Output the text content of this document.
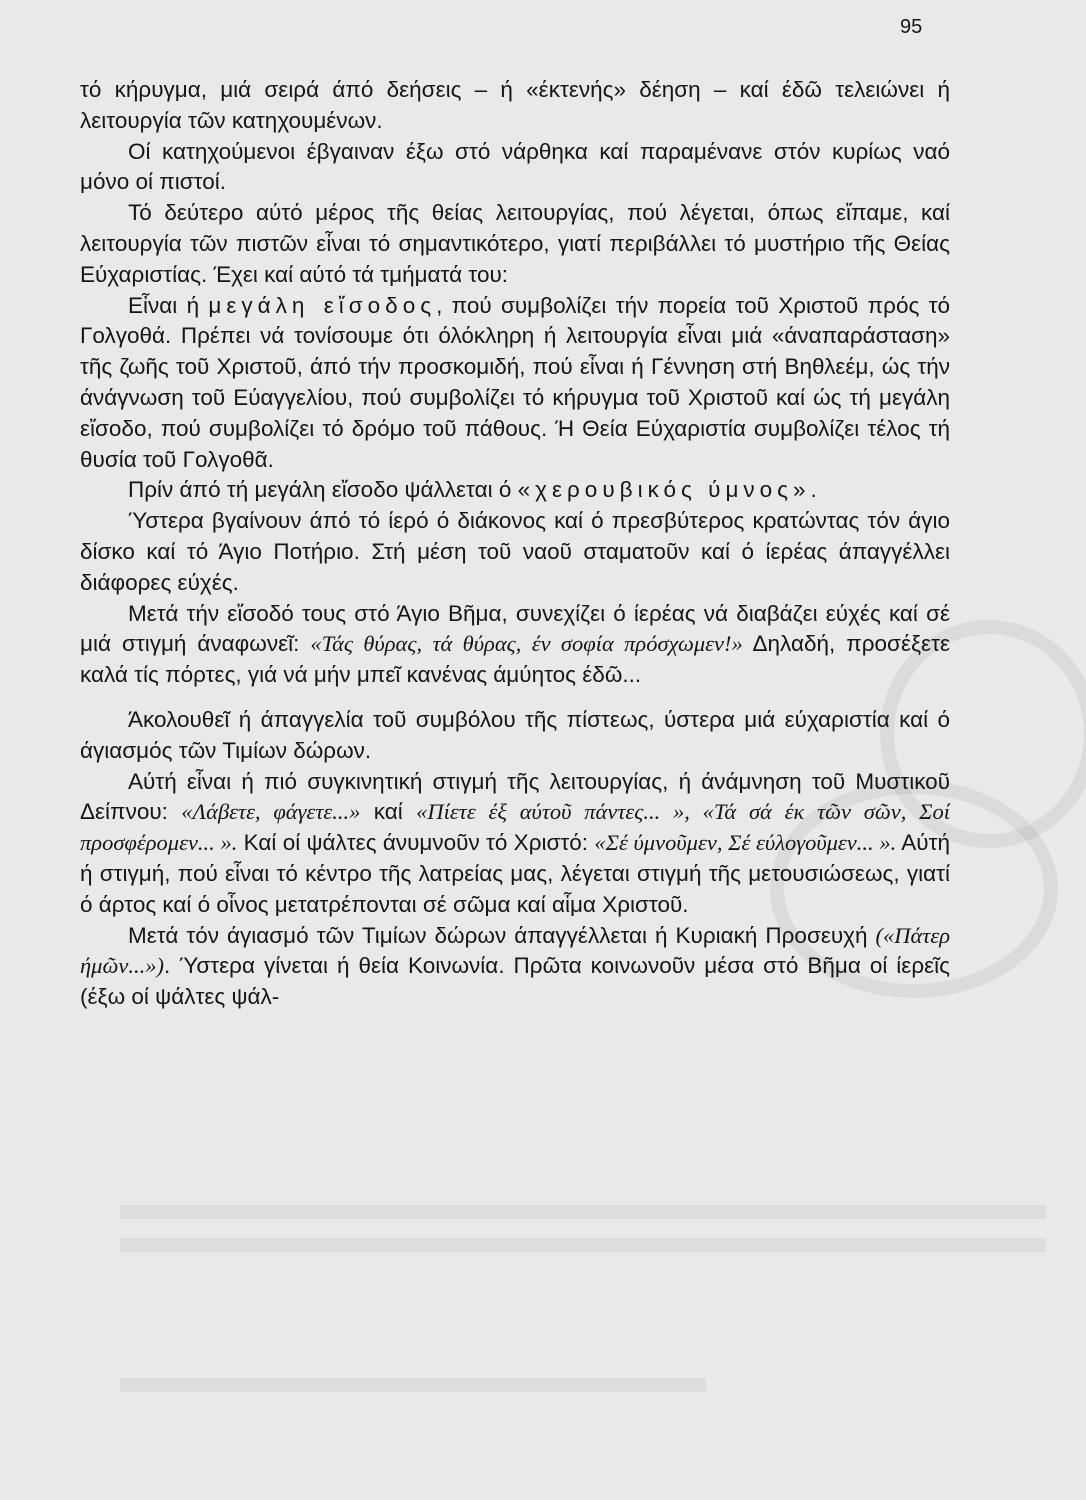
95

τό κήρυγμα, μιά σειρά άπό δεήσεις – ή «έκτενής» δέηση – καί έδῶ τελειώνει ή λειτουργία τῶν κατηχουμένων.

Οί κατηχούμενοι έβγαιναν έξω στό νάρθηκα καί παραμένανε στόν κυρίως ναό μόνο οί πιστοί.

Τό δεύτερο αύτό μέρος τῆς θείας λειτουργίας, πού λέγεται, όπως εἴπαμε, καί λειτουργία τῶν πιστῶν εἶναι τό σημαντικότερο, γιατί περιβάλλει τό μυστήριο τῆς Θείας Εύχαριστίας. Έχει καί αύτό τά τμήματά του:

Εἶναι ή μεγάλη εἴσοδος, πού συμβολίζει τήν πορεία τοῦ Χριστοῦ πρός τό Γολγοθά. Πρέπει νά τονίσουμε ότι όλόκληρη ή λειτουργία εἶναι μιά «άναπαράσταση» τῆς ζωῆς τοῦ Χριστοῦ, άπό τήν προσκομιδή, πού εἶναι ή Γέννηση στή Βηθλεέμ, ώς τήν άνάγνωση τοῦ Εύαγγελίου, πού συμβολίζει τό κήρυγμα τοῦ Χριστοῦ καί ώς τή μεγάλη εἴσοδο, πού συμβολίζει τό δρόμο τοῦ πάθους. Ή Θεία Εύχαριστία συμβολίζει τέλος τή θυσία τοῦ Γολγοθᾶ.

Πρίν άπό τή μεγάλη εἴσοδο ψάλλεται ό «χερουβικός ύμνος».

Ύστερα βγαίνουν άπό τό ίερό ό διάκονος καί ό πρεσβύτερος κρατώντας τόν άγιο δίσκο καί τό Άγιο Ποτήριο. Στή μέση τοῦ ναοῦ σταματοῦν καί ό ίερέας άπαγγέλλει διάφορες εύχές.

Μετά τήν εἴσοδό τους στό Άγιο Βῆμα, συνεχίζει ό ίερέας νά διαβάζει εύχές καί σέ μιά στιγμή άναφωνεῖ: «Τάς θύρας, τά θύρας, έν σοφία πρόσχωμεν!» Δηλαδή, προσέξετε καλά τίς πόρτες, γιά νά μήν μπεῖ κανένας άμύητος έδῶ...

Άκολουθεῖ ή άπαγγελία τοῦ συμβόλου τῆς πίστεως, ύστερα μιά εύχαριστία καί ό άγιασμός τῶν Τιμίων δώρων.

Αύτή εἶναι ή πιό συγκινητική στιγμή τῆς λειτουργίας, ή άνάμνηση τοῦ Μυστικοῦ Δείπνου: «Λάβετε, φάγετε...» καί «Πίετε έξ αύτοῦ πάντες... », «Τά σά έκ τῶν σῶν, Σοί προσφέρομεν... ». Καί οί ψάλτες άνυμνοῦν τό Χριστό: «Σέ ύμνοῦμεν, Σέ εύλογοῦμεν... ». Αύτή ή στιγμή, πού εἶναι τό κέντρο τῆς λατρείας μας, λέγεται στιγμή τῆς μετουσιώσεως, γιατί ό άρτος καί ό οἶνος μετατρέπονται σέ σῶμα καί αἷμα Χριστοῦ.

Μετά τόν άγιασμό τῶν Τιμίων δώρων άπαγγέλλεται ή Κυριακή Προσευχή («Πάτερ ήμῶν...»). Ύστερα γίνεται ή θεία Κοινωνία. Πρῶτα κοινωνοῦν μέσα στό Βῆμα οί ίερεῖς (έξω οί ψάλτες ψάλ-
